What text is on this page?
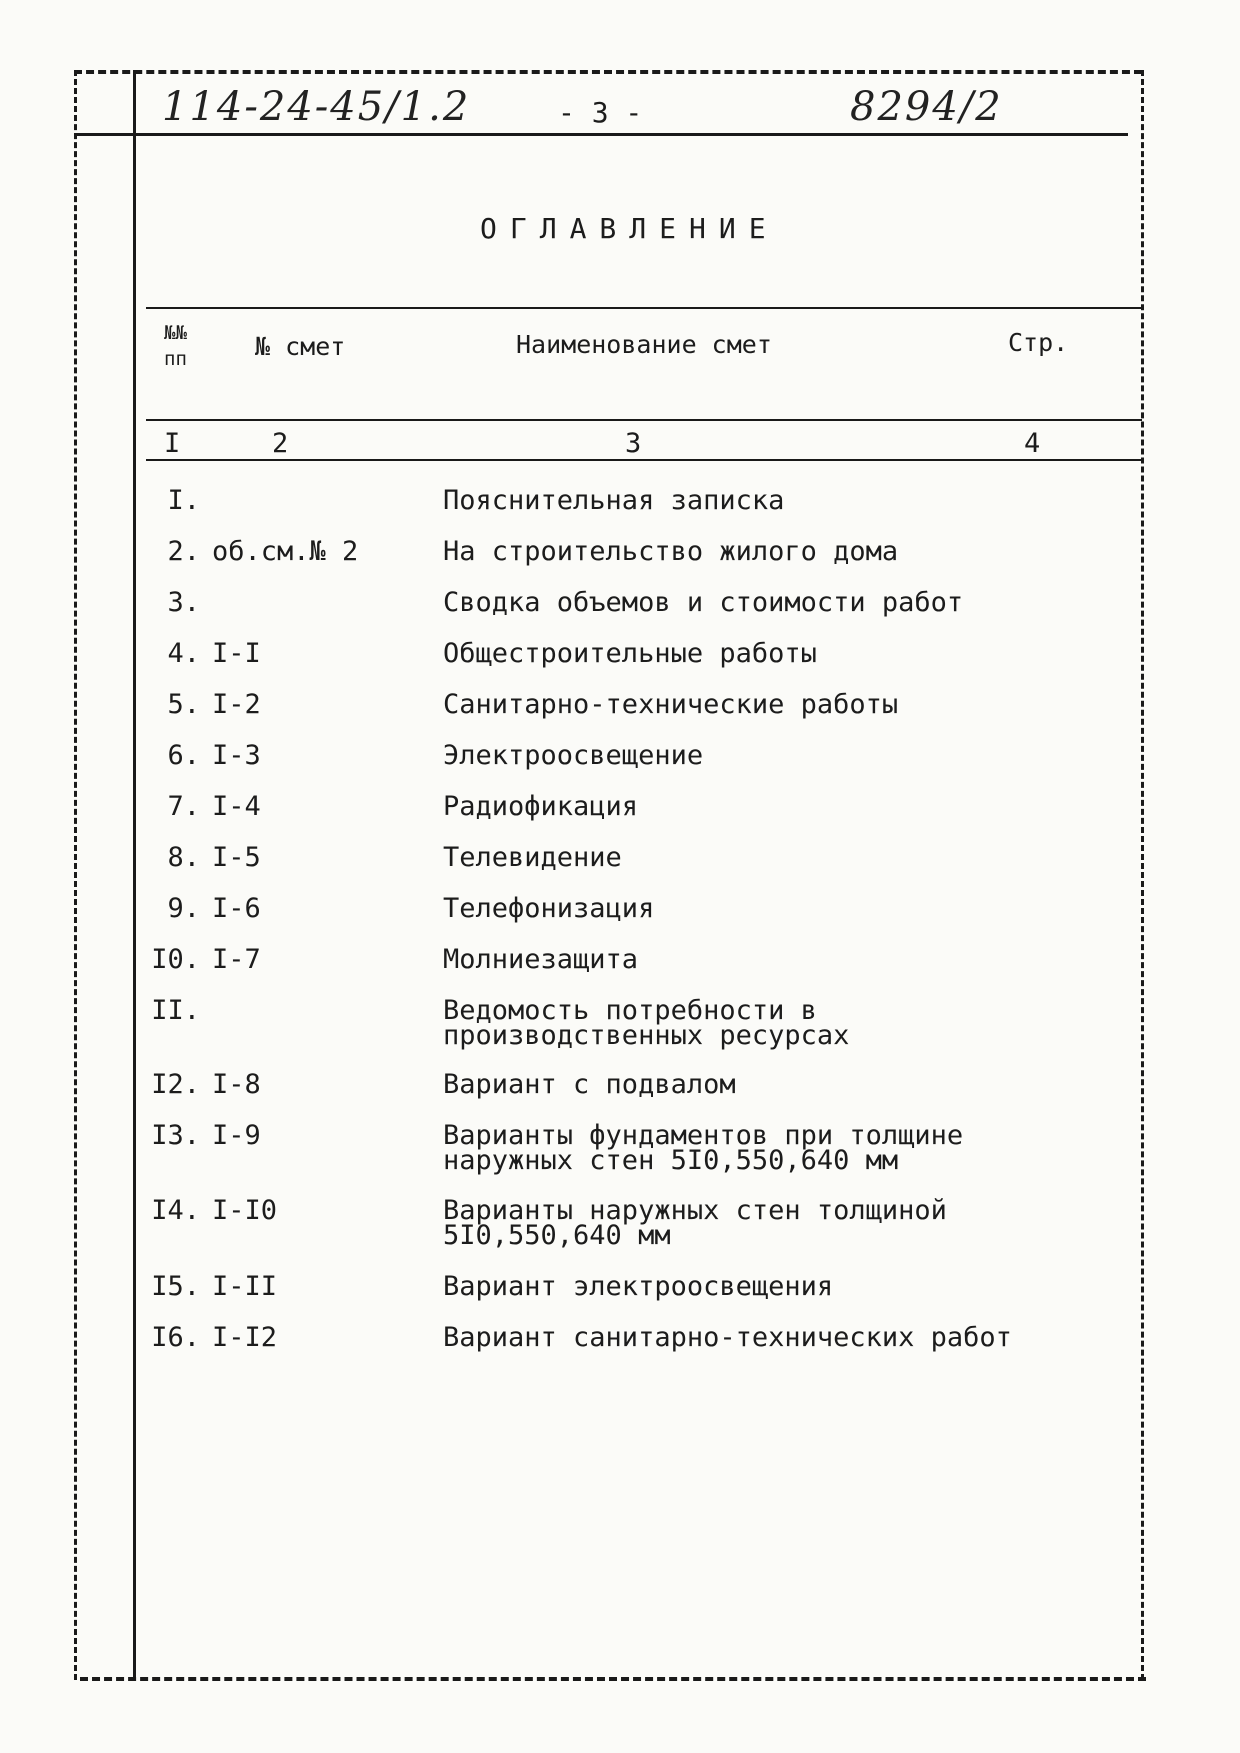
114-24-45/1.2	- 3 -	8294/2
ОГЛАВЛЕНИЕ
№№ пп	№ смет	Наименование смет	Стр.
I	2	3	4
I.	Пояснительная записка
2. об.см.№ 2	На строительство жилого дома
3.	Сводка объемов и стоимости работ
4. I-I	Общестроительные работы
5. I-2	Санитарно-технические работы
6. I-3	Электроосвещение
7. I-4	Радиофикация
8. I-5	Телевидение
9. I-6	Телефонизация
I0. I-7	Молниезащита
II.	Ведомость потребности в производственных ресурсах
I2. I-8	Вариант с подвалом
I3. I-9	Варианты фундаментов при толщине наружных стен 5I0,550,640 мм
I4. I-I0	Варианты наружных стен толщиной 5I0,550,640 мм
I5. I-II	Вариант электроосвещения
I6. I-I2	Вариант санитарно-технических работ
